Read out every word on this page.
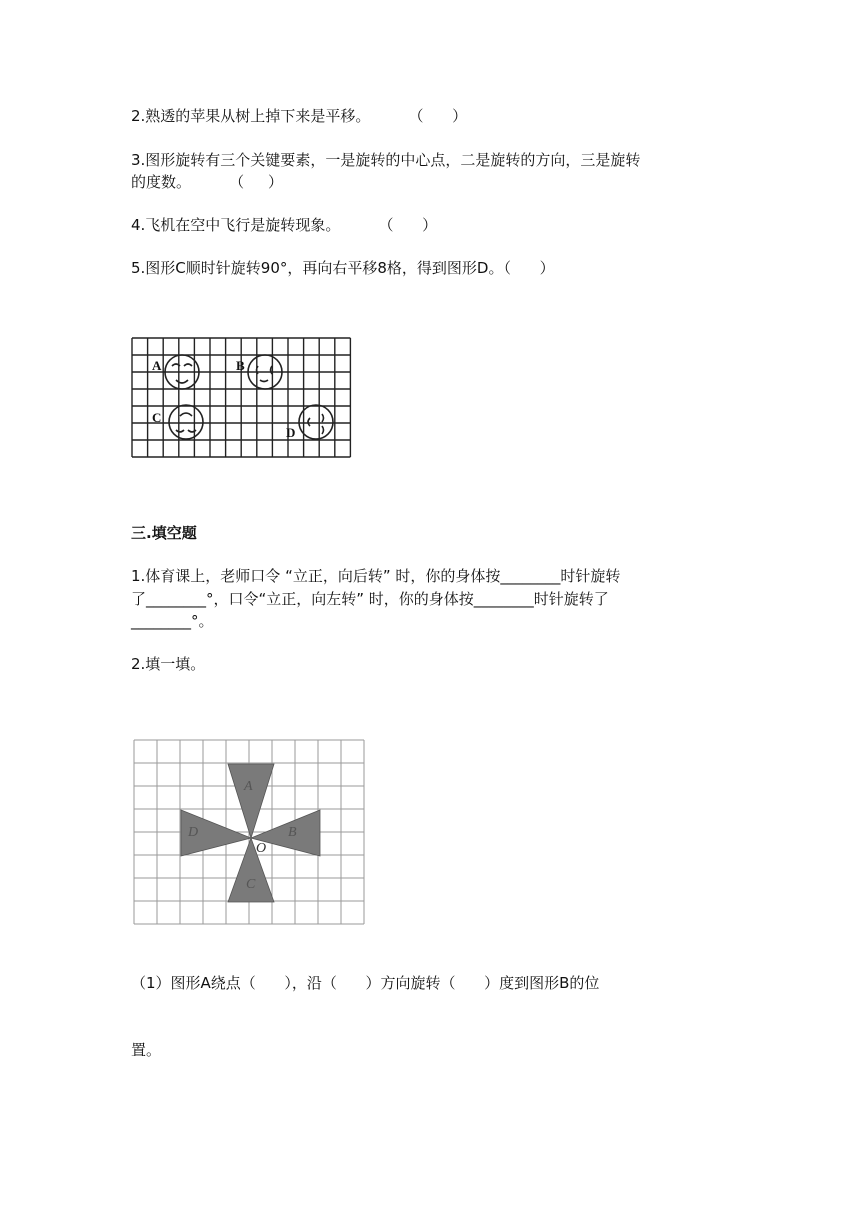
2.熟透的苹果从树上掉下来是平移。        （      ）
3.图形旋转有三个关键要素，一是旋转的中心点，二是旋转的方向，三是旋转
的度数。        （     ）
4.飞机在空中飞行是旋转现象。        （      ）
5.图形C顺时针旋转90°，再向右平移8格，得到图形D。（      ）
A	B
C
D
三.填空题
1.体育课上，老师口令 “立正，向后转” 时，你的身体按________时针旋转
了________°，口令“立正，向左转” 时，你的身体按________时针旋转了
________°。
2.填一填。
A
B
C
D
O
（1）图形A绕点（      ），沿（      ）方向旋转（      ）度到图形B的位
置。
